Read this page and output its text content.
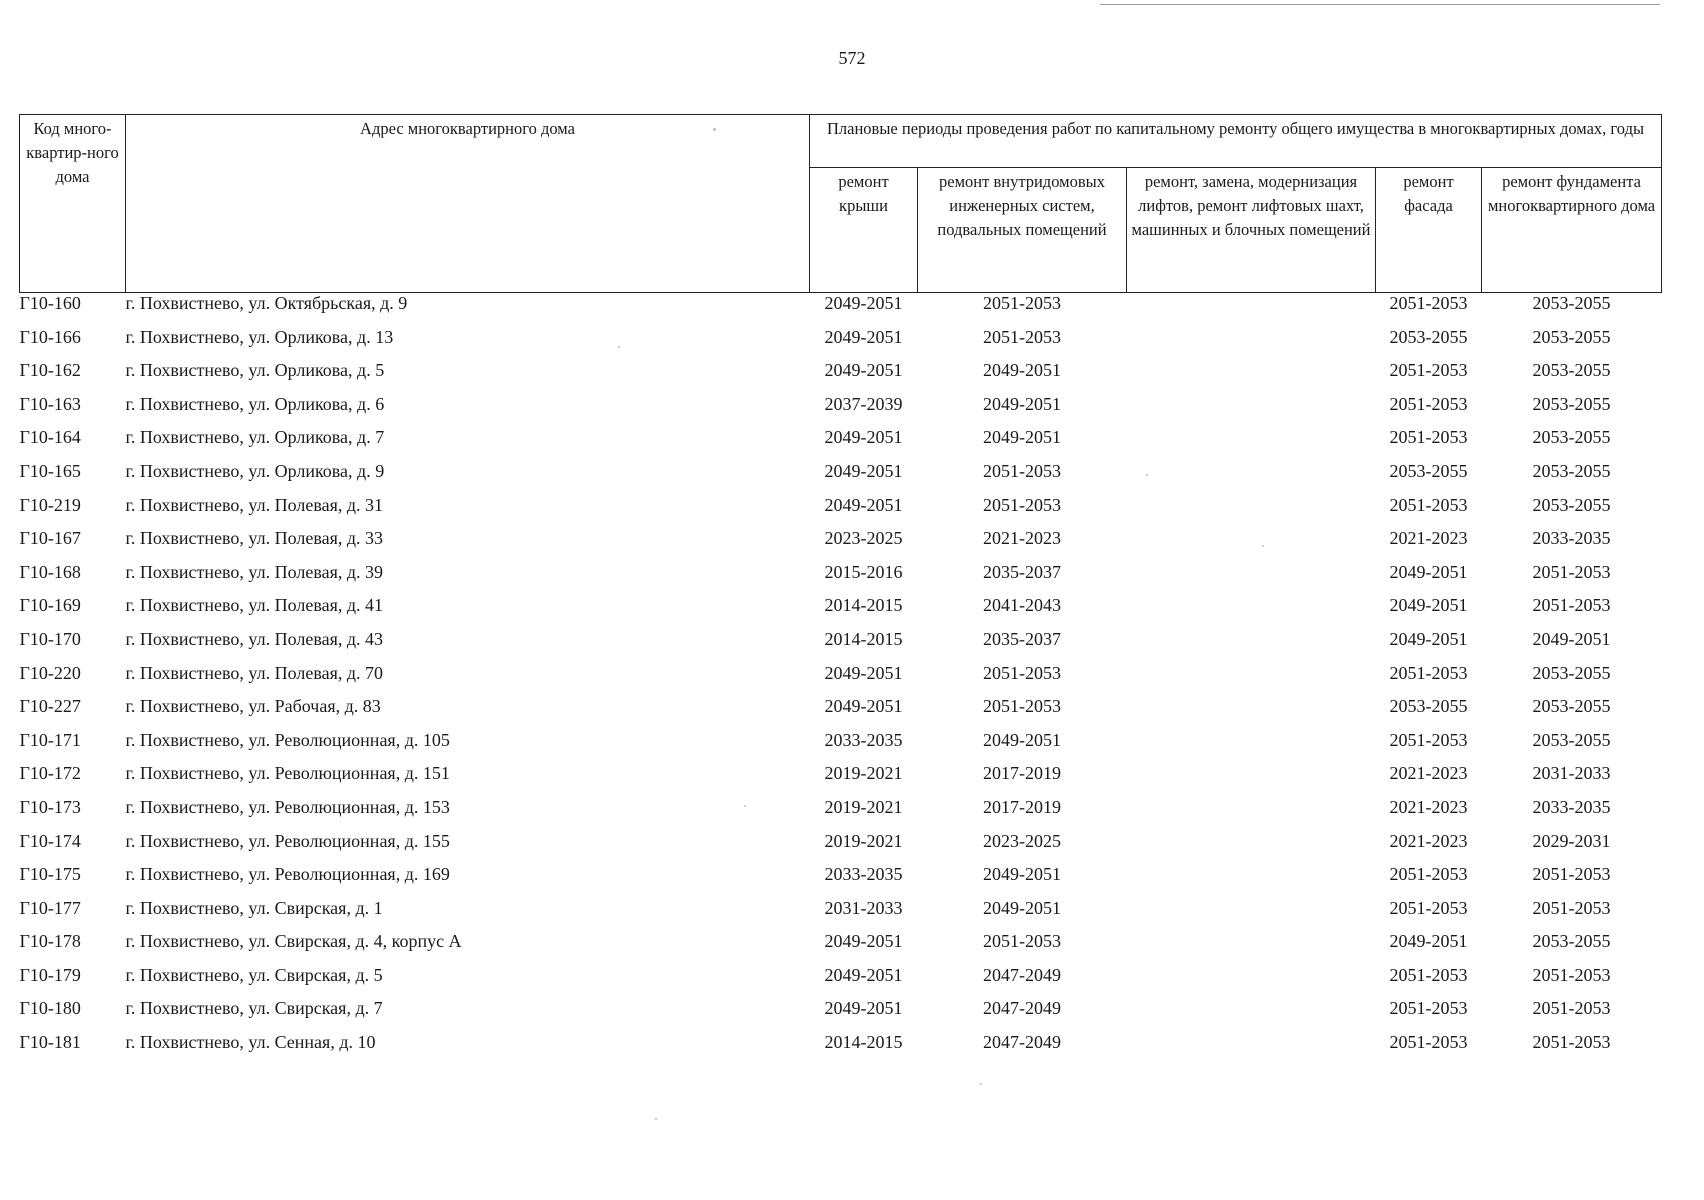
572
Код много-квартир-ного дома	Адрес многоквартирного дома	Плановые периоды проведения работ по капитальному ремонту общего имущества в многоквартирных домах, годы				
		ремонт крыши	ремонт внутридомовых инженерных систем, подвальных помещений	ремонт, замена, модернизация лифтов, ремонт лифтовых шахт, машинных и блочных помещений	ремонт фасада	ремонт фундамента многоквартирного дома
Г10-160	г. Похвистнево, ул. Октябрьская, д. 9	2049-2051	2051-2053		2051-2053	2053-2055
Г10-166	г. Похвистнево, ул. Орликова, д. 13	2049-2051	2051-2053		2053-2055	2053-2055
Г10-162	г. Похвистнево, ул. Орликова, д. 5	2049-2051	2049-2051		2051-2053	2053-2055
Г10-163	г. Похвистнево, ул. Орликова, д. 6	2037-2039	2049-2051		2051-2053	2053-2055
Г10-164	г. Похвистнево, ул. Орликова, д. 7	2049-2051	2049-2051		2051-2053	2053-2055
Г10-165	г. Похвистнево, ул. Орликова, д. 9	2049-2051	2051-2053		2053-2055	2053-2055
Г10-219	г. Похвистнево, ул. Полевая, д. 31	2049-2051	2051-2053		2051-2053	2053-2055
Г10-167	г. Похвистнево, ул. Полевая, д. 33	2023-2025	2021-2023		2021-2023	2033-2035
Г10-168	г. Похвистнево, ул. Полевая, д. 39	2015-2016	2035-2037		2049-2051	2051-2053
Г10-169	г. Похвистнево, ул. Полевая, д. 41	2014-2015	2041-2043		2049-2051	2051-2053
Г10-170	г. Похвистнево, ул. Полевая, д. 43	2014-2015	2035-2037		2049-2051	2049-2051
Г10-220	г. Похвистнево, ул. Полевая, д. 70	2049-2051	2051-2053		2051-2053	2053-2055
Г10-227	г. Похвистнево, ул. Рабочая, д. 83	2049-2051	2051-2053		2053-2055	2053-2055
Г10-171	г. Похвистнево, ул. Революционная, д. 105	2033-2035	2049-2051		2051-2053	2053-2055
Г10-172	г. Похвистнево, ул. Революционная, д. 151	2019-2021	2017-2019		2021-2023	2031-2033
Г10-173	г. Похвистнево, ул. Революционная, д. 153	2019-2021	2017-2019		2021-2023	2033-2035
Г10-174	г. Похвистнево, ул. Революционная, д. 155	2019-2021	2023-2025		2021-2023	2029-2031
Г10-175	г. Похвистнево, ул. Революционная, д. 169	2033-2035	2049-2051		2051-2053	2051-2053
Г10-177	г. Похвистнево, ул. Свирская, д. 1	2031-2033	2049-2051		2051-2053	2051-2053
Г10-178	г. Похвистнево, ул. Свирская, д. 4, корпус А	2049-2051	2051-2053		2049-2051	2053-2055
Г10-179	г. Похвистнево, ул. Свирская, д. 5	2049-2051	2047-2049		2051-2053	2051-2053
Г10-180	г. Похвистнево, ул. Свирская, д. 7	2049-2051	2047-2049		2051-2053	2051-2053
Г10-181	г. Похвистнево, ул. Сенная, д. 10	2014-2015	2047-2049		2051-2053	2051-2053
